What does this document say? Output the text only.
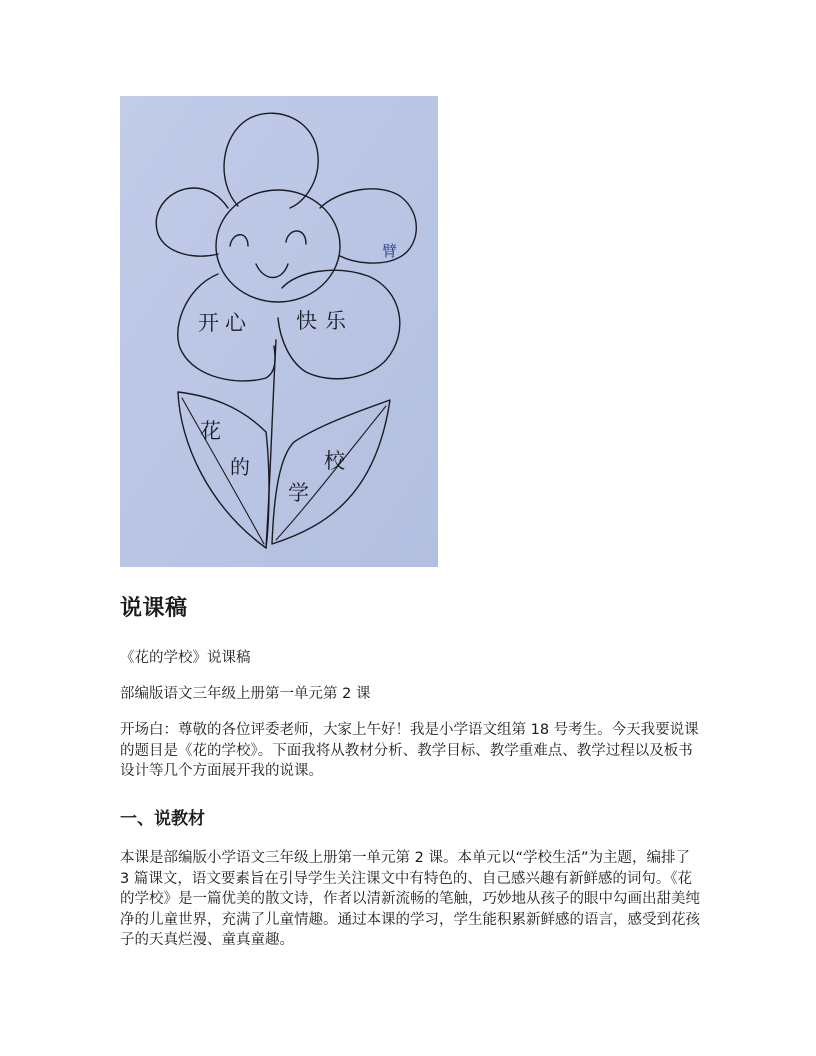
开心 快乐
花
的
学
校
臂
说课稿

《花的学校》说课稿

部编版语文三年级上册第一单元第 2 课

开场白：尊敬的各位评委老师，大家上午好！我是小学语文组第 18 号考生。今天我要说课的题目是《花的学校》。下面我将从教材分析、教学目标、教学重难点、教学过程以及板书设计等几个方面展开我的说课。

一、说教材

本课是部编版小学语文三年级上册第一单元第 2 课。本单元以“学校生活”为主题，编排了 3 篇课文，语文要素旨在引导学生关注课文中有特色的、自己感兴趣有新鲜感的词句。《花的学校》是一篇优美的散文诗，作者以清新流畅的笔触，巧妙地从孩子的眼中勾画出甜美纯净的儿童世界，充满了儿童情趣。通过本课的学习，学生能积累新鲜感的语言，感受到花孩子的天真烂漫、童真童趣。
